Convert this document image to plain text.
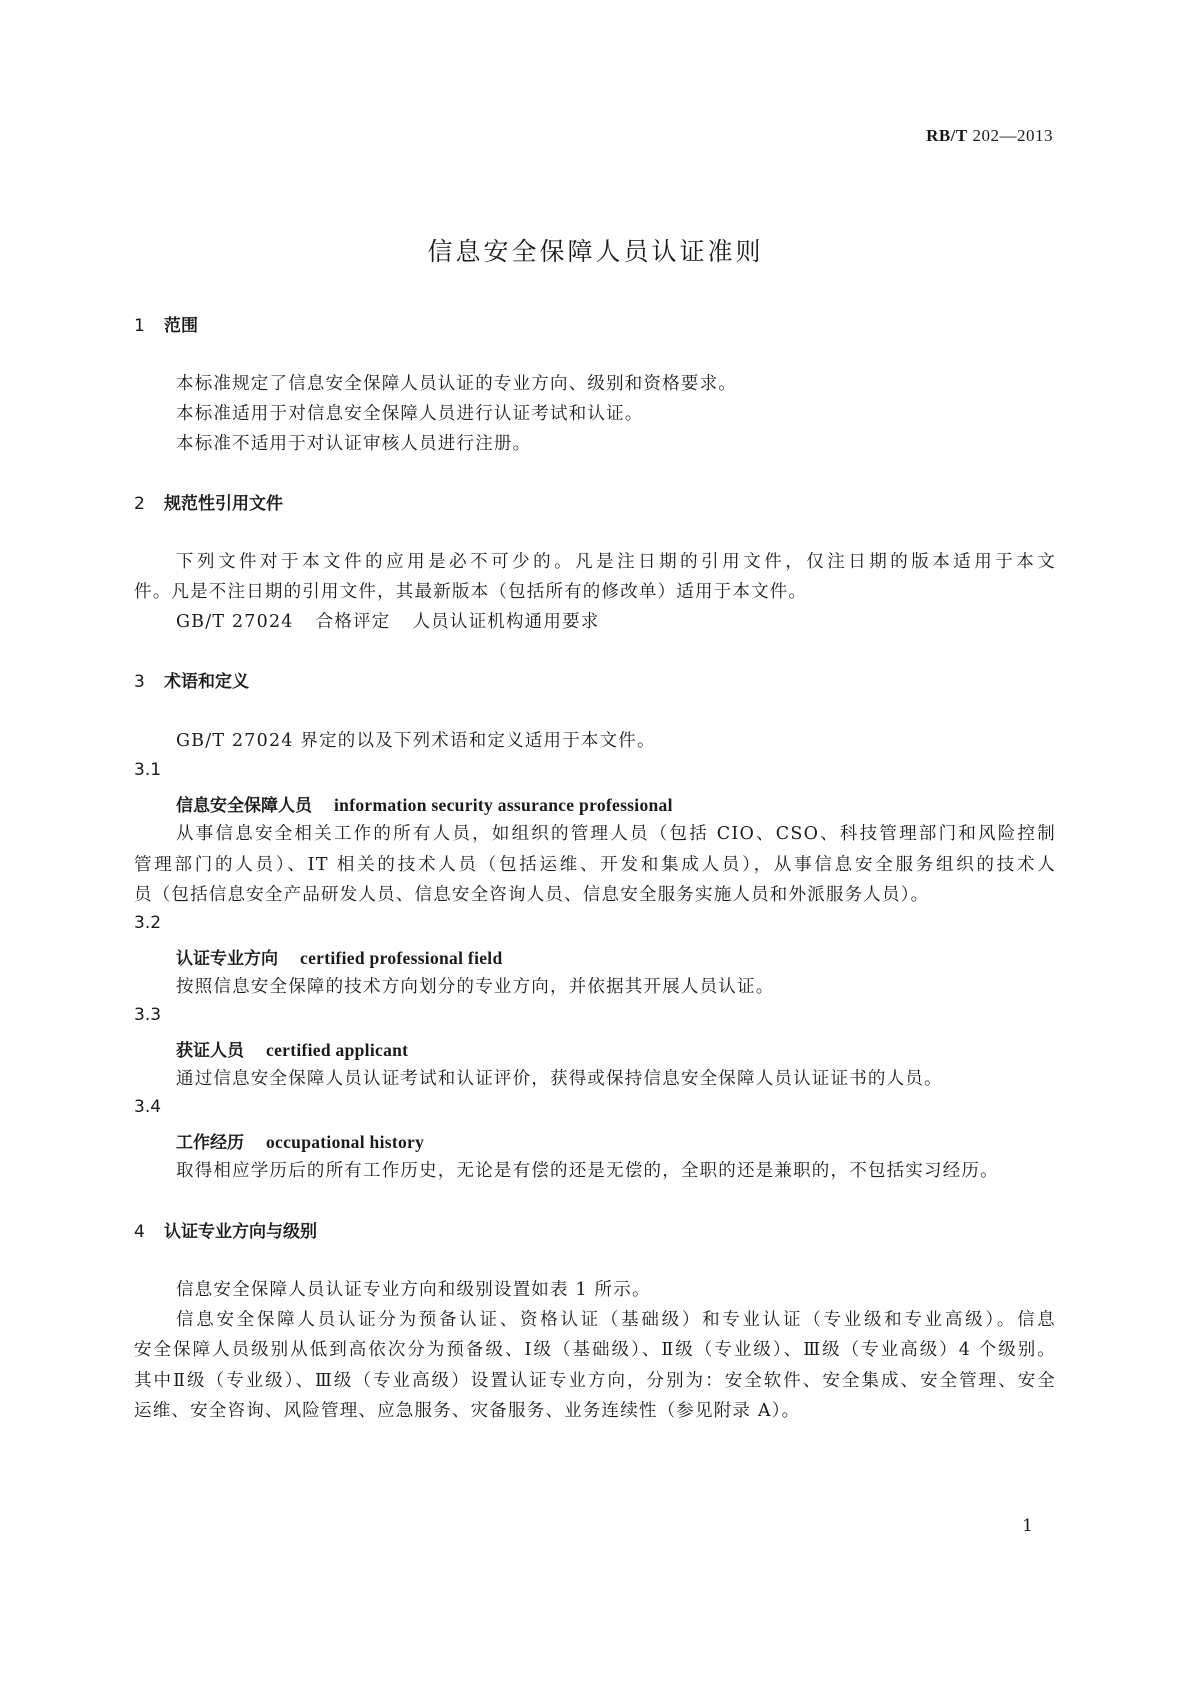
RB/T 202—2013
信息安全保障人员认证准则
1 范围
本标准规定了信息安全保障人员认证的专业方向、级别和资格要求。
本标准适用于对信息安全保障人员进行认证考试和认证。
本标准不适用于对认证审核人员进行注册。
2 规范性引用文件
下列文件对于本文件的应用是必不可少的。凡是注日期的引用文件，仅注日期的版本适用于本文
件。凡是不注日期的引用文件，其最新版本（包括所有的修改单）适用于本文件。
GB/T 27024 合格评定 人员认证机构通用要求
3 术语和定义
GB/T 27024 界定的以及下列术语和定义适用于本文件。
3.1
信息安全保障人员 information security assurance professional
从事信息安全相关工作的所有人员，如组织的管理人员（包括 CIO、CSO、科技管理部门和风险控制
管理部门的人员）、IT 相关的技术人员（包括运维、开发和集成人员），从事信息安全服务组织的技术人
员（包括信息安全产品研发人员、信息安全咨询人员、信息安全服务实施人员和外派服务人员）。
3.2
认证专业方向 certified professional field
按照信息安全保障的技术方向划分的专业方向，并依据其开展人员认证。
3.3
获证人员 certified applicant
通过信息安全保障人员认证考试和认证评价，获得或保持信息安全保障人员认证证书的人员。
3.4
工作经历 occupational history
取得相应学历后的所有工作历史，无论是有偿的还是无偿的，全职的还是兼职的，不包括实习经历。
4 认证专业方向与级别
信息安全保障人员认证专业方向和级别设置如表 1 所示。
信息安全保障人员认证分为预备认证、资格认证（基础级）和专业认证（专业级和专业高级）。信息
安全保障人员级别从低到高依次分为预备级、Ⅰ级（基础级）、Ⅱ级（专业级）、Ⅲ级（专业高级）4 个级别。
其中Ⅱ级（专业级）、Ⅲ级（专业高级）设置认证专业方向，分别为：安全软件、安全集成、安全管理、安全
运维、安全咨询、风险管理、应急服务、灾备服务、业务连续性（参见附录 A）。
1
